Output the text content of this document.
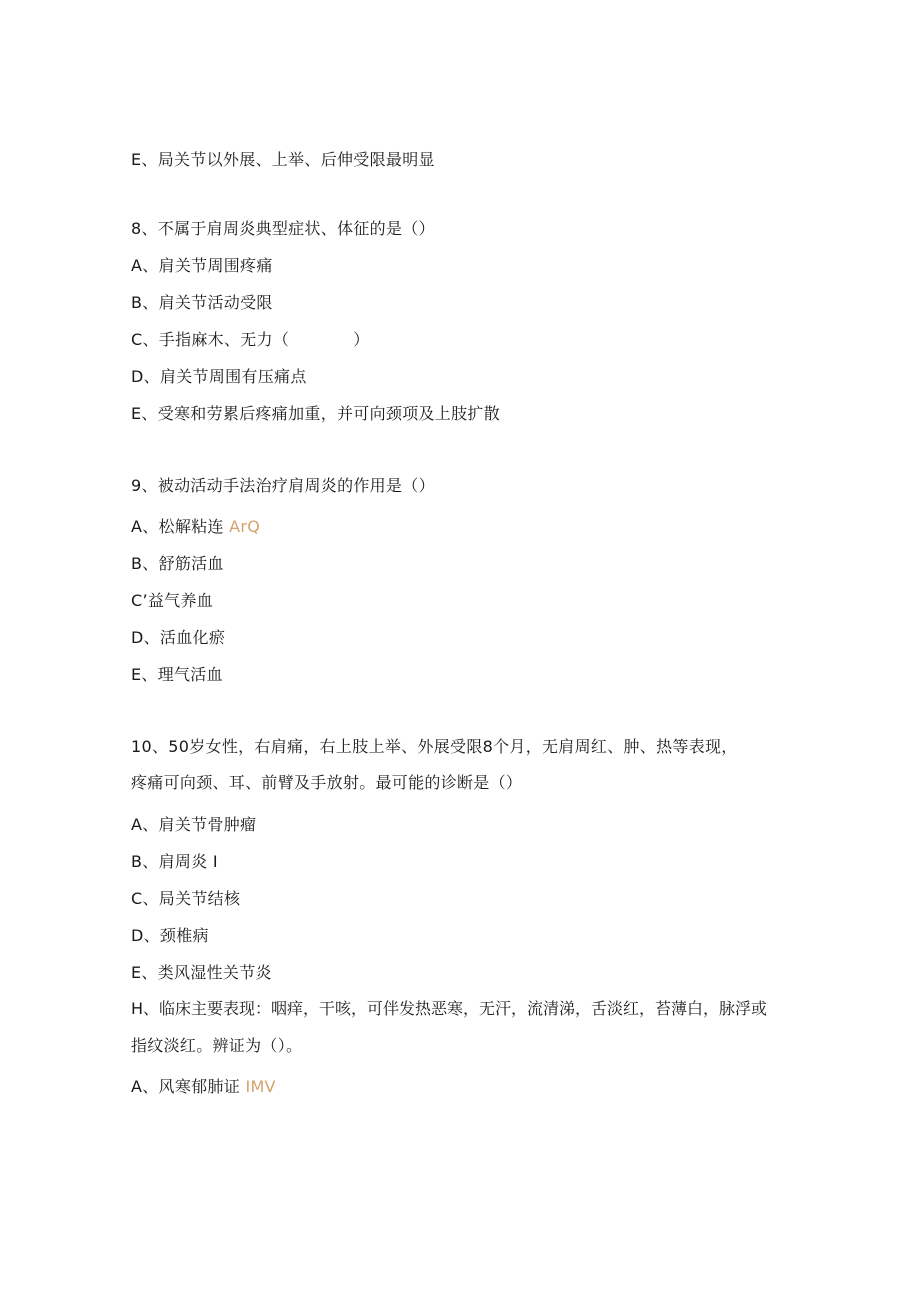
E、局关节以外展、上举、后伸受限最明显
8、不属于肩周炎典型症状、体征的是（）
A、肩关节周围疼痛
B、肩关节活动受限
C、手指麻木、无力（	）
D、肩关节周围有压痛点
E、受寒和劳累后疼痛加重，并可向颈项及上肢扩散
9、被动活动手法治疗肩周炎的作用是（）
A、松解粘连 ArQ
B、舒筋活血
C’益气养血
D、活血化瘀
E、理气活血
10、50岁女性，右肩痛，右上肢上举、外展受限8个月，无肩周红、肿、热等表现，
疼痛可向颈、耳、前臂及手放射。最可能的诊断是（）
A、肩关节骨肿瘤
B、肩周炎 I
C、局关节结核
D、颈椎病
E、类风湿性关节炎
H、临床主要表现：咽痒，干咳，可伴发热恶寒，无汗，流清涕，舌淡红，苔薄白，脉浮或
指纹淡红。辨证为（）。
A、风寒郁肺证 IMV
